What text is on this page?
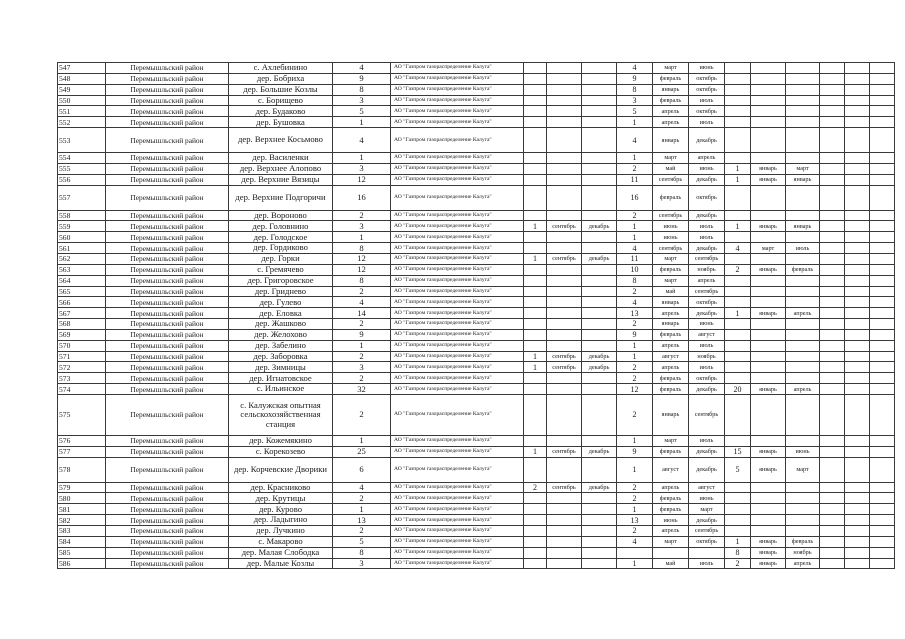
547	Перемышльский район	с. Ахлебинино	4	АО "Газпром газораспределение Калуга"				4	март	июнь						
548	Перемышльский район	дер. Бобриха	9	АО "Газпром газораспределение Калуга"				9	февраль	октябрь						
549	Перемышльский район	дер. Большие Козлы	8	АО "Газпром газораспределение Калуга"				8	январь	октябрь						
550	Перемышльский район	с. Борищево	3	АО "Газпром газораспределение Калуга"				3	февраль	июль						
551	Перемышльский район	дер. Будаково	5	АО "Газпром газораспределение Калуга"				5	апрель	октябрь						
552	Перемышльский район	дер. Бушовка	1	АО "Газпром газораспределение Калуга"				1	апрель	июль						
553	Перемышльский район	дер. Верхнее Косьмово	4	АО "Газпром газораспределение Калуга"				4	январь	декабрь						
554	Перемышльский район	дер. Василенки	1	АО "Газпром газораспределение Калуга"				1	март	апрель						
555	Перемышльский район	дер. Верхнее Алопово	3	АО "Газпром газораспределение Калуга"				2	май	июнь	1	январь	март			
556	Перемышльский район	дер. Верхние Вязицы	12	АО "Газпром газораспределение Калуга"				11	сентябрь	декабрь	1	январь	январь			
557	Перемышльский район	дер. Верхние Подгоричи	16	АО "Газпром газораспределение Калуга"				16	февраль	октябрь						
558	Перемышльский район	дер. Вороново	2	АО "Газпром газораспределение Калуга"				2	сентябрь	декабрь						
559	Перемышльский район	дер. Головнино	3	АО "Газпром газораспределение Калуга"	1	сентябрь	декабрь	1	июнь	июль	1	январь	январь			
560	Перемышльский район	дер. Голодское	1	АО "Газпром газораспределение Калуга"				1	июнь	июль						
561	Перемышльский район	дер. Гордиково	8	АО "Газпром газораспределение Калуга"				4	сентябрь	декабрь	4	март	июль			
562	Перемышльский район	дер. Горки	12	АО "Газпром газораспределение Калуга"	1	сентябрь	декабрь	11	март	сентябрь						
563	Перемышльский район	с. Гремячево	12	АО "Газпром газораспределение Калуга"				10	февраль	ноябрь	2	январь	февраль			
564	Перемышльский район	дер. Григоровское	8	АО "Газпром газораспределение Калуга"				8	март	апрель						
565	Перемышльский район	дер. Гриднево	2	АО "Газпром газораспределение Калуга"				2	май	сентябрь						
566	Перемышльский район	дер. Гулево	4	АО "Газпром газораспределение Калуга"				4	январь	октябрь						
567	Перемышльский район	дер. Еловка	14	АО "Газпром газораспределение Калуга"				13	апрель	декабрь	1	январь	апрель			
568	Перемышльский район	дер. Жашково	2	АО "Газпром газораспределение Калуга"				2	январь	июнь						
569	Перемышльский район	дер. Желохово	9	АО "Газпром газораспределение Калуга"				9	февраль	август						
570	Перемышльский район	дер. Забелино	1	АО "Газпром газораспределение Калуга"				1	апрель	июль						
571	Перемышльский район	дер. Заборовка	2	АО "Газпром газораспределение Калуга"	1	сентябрь	декабрь	1	август	ноябрь						
572	Перемышльский район	дер. Зимницы	3	АО "Газпром газораспределение Калуга"	1	сентябрь	декабрь	2	апрель	июль						
573	Перемышльский район	дер. Игнатовское	2	АО "Газпром газораспределение Калуга"				2	февраль	октябрь						
574	Перемышльский район	с. Ильинское	32	АО "Газпром газораспределение Калуга"				12	февраль	декабрь	20	январь	апрель			
575	Перемышльский район	с. Калужская опытная сельскохозяйственная станция	2	АО "Газпром газораспределение Калуга"				2	январь	сентябрь						
576	Перемышльский район	дер. Кожемякино	1	АО "Газпром газораспределение Калуга"				1	март	июль						
577	Перемышльский район	с. Корекозево	25	АО "Газпром газораспределение Калуга"	1	сентябрь	декабрь	9	февраль	декабрь	15	январь	июнь			
578	Перемышльский район	дер. Корчевские Дворики	6	АО "Газпром газораспределение Калуга"				1	август	декабрь	5	январь	март			
579	Перемышльский район	дер. Красниково	4	АО "Газпром газораспределение Калуга"	2	сентябрь	декабрь	2	апрель	август						
580	Перемышльский район	дер. Крутицы	2	АО "Газпром газораспределение Калуга"				2	февраль	июнь						
581	Перемышльский район	дер. Курово	1	АО "Газпром газораспределение Калуга"				1	февраль	март						
582	Перемышльский район	дер. Ладыгино	13	АО "Газпром газораспределение Калуга"				13	июнь	декабрь						
583	Перемышльский район	дер. Лучкино	2	АО "Газпром газораспределение Калуга"				2	апрель	сентябрь						
584	Перемышльский район	с. Макарово	5	АО "Газпром газораспределение Калуга"				4	март	октябрь	1	январь	февраль			
585	Перемышльский район	дер. Малая Слободка	8	АО "Газпром газораспределение Калуга"							8	январь	ноябрь			
586	Перемышльский район	дер. Малые Козлы	3	АО "Газпром газораспределение Калуга"				1	май	июль	2	январь	апрель			
